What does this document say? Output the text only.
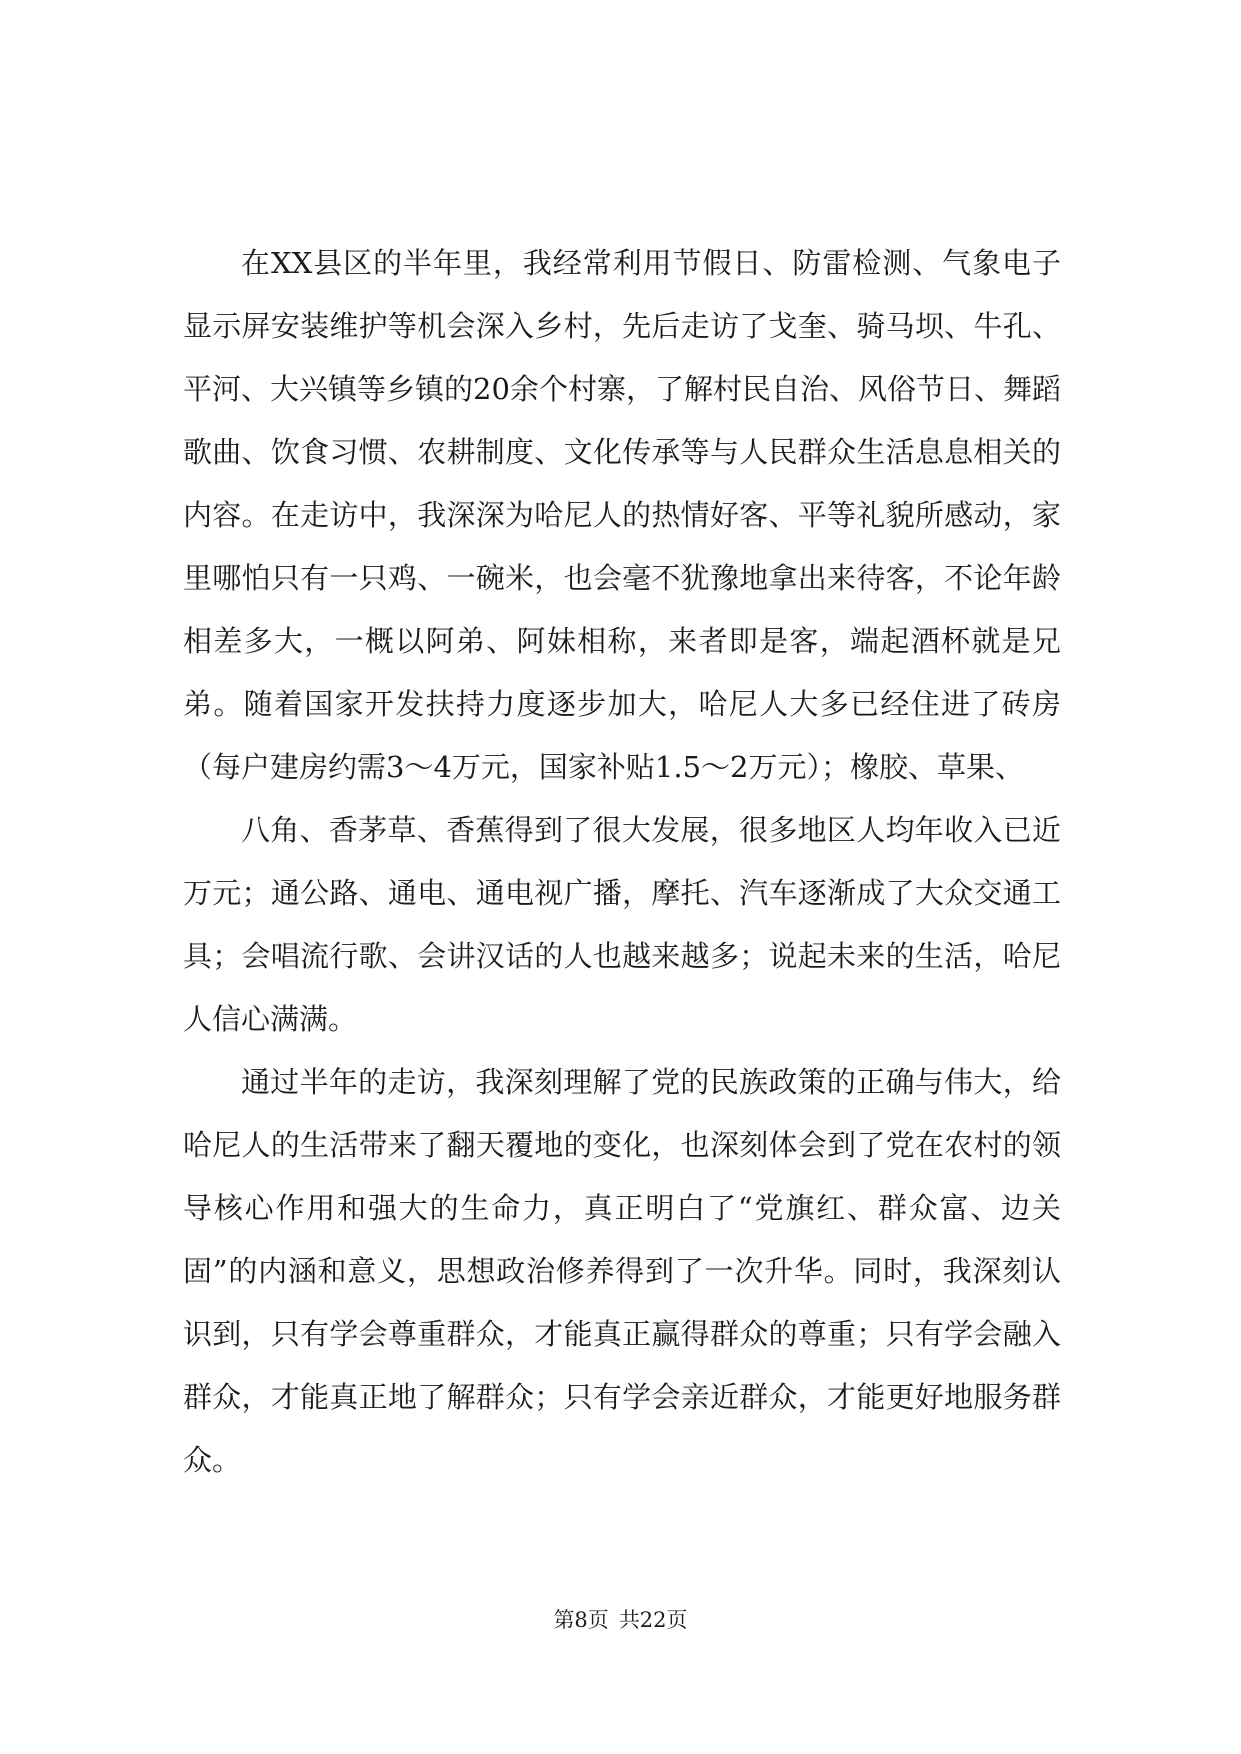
在XX县区的半年里，我经常利用节假日、防雷检测、气象电子显示屏安装维护等机会深入乡村，先后走访了戈奎、骑马坝、牛孔、平河、大兴镇等乡镇的20余个村寨，了解村民自治、风俗节日、舞蹈歌曲、饮食习惯、农耕制度、文化传承等与人民群众生活息息相关的内容。在走访中，我深深为哈尼人的热情好客、平等礼貌所感动，家里哪怕只有一只鸡、一碗米，也会毫不犹豫地拿出来待客，不论年龄相差多大，一概以阿弟、阿妹相称，来者即是客，端起酒杯就是兄弟。随着国家开发扶持力度逐步加大，哈尼人大多已经住进了砖房（每户建房约需3～4万元，国家补贴1.5～2万元）；橡胶、草果、

八角、香茅草、香蕉得到了很大发展，很多地区人均年收入已近万元；通公路、通电、通电视广播，摩托、汽车逐渐成了大众交通工具；会唱流行歌、会讲汉话的人也越来越多；说起未来的生活，哈尼人信心满满。

通过半年的走访，我深刻理解了党的民族政策的正确与伟大，给哈尼人的生活带来了翻天覆地的变化，也深刻体会到了党在农村的领导核心作用和强大的生命力，真正明白了“党旗红、群众富、边关固”的内涵和意义，思想政治修养得到了一次升华。同时，我深刻认识到，只有学会尊重群众，才能真正赢得群众的尊重；只有学会融入群众，才能真正地了解群众；只有学会亲近群众，才能更好地服务群众。

第8页 共22页
